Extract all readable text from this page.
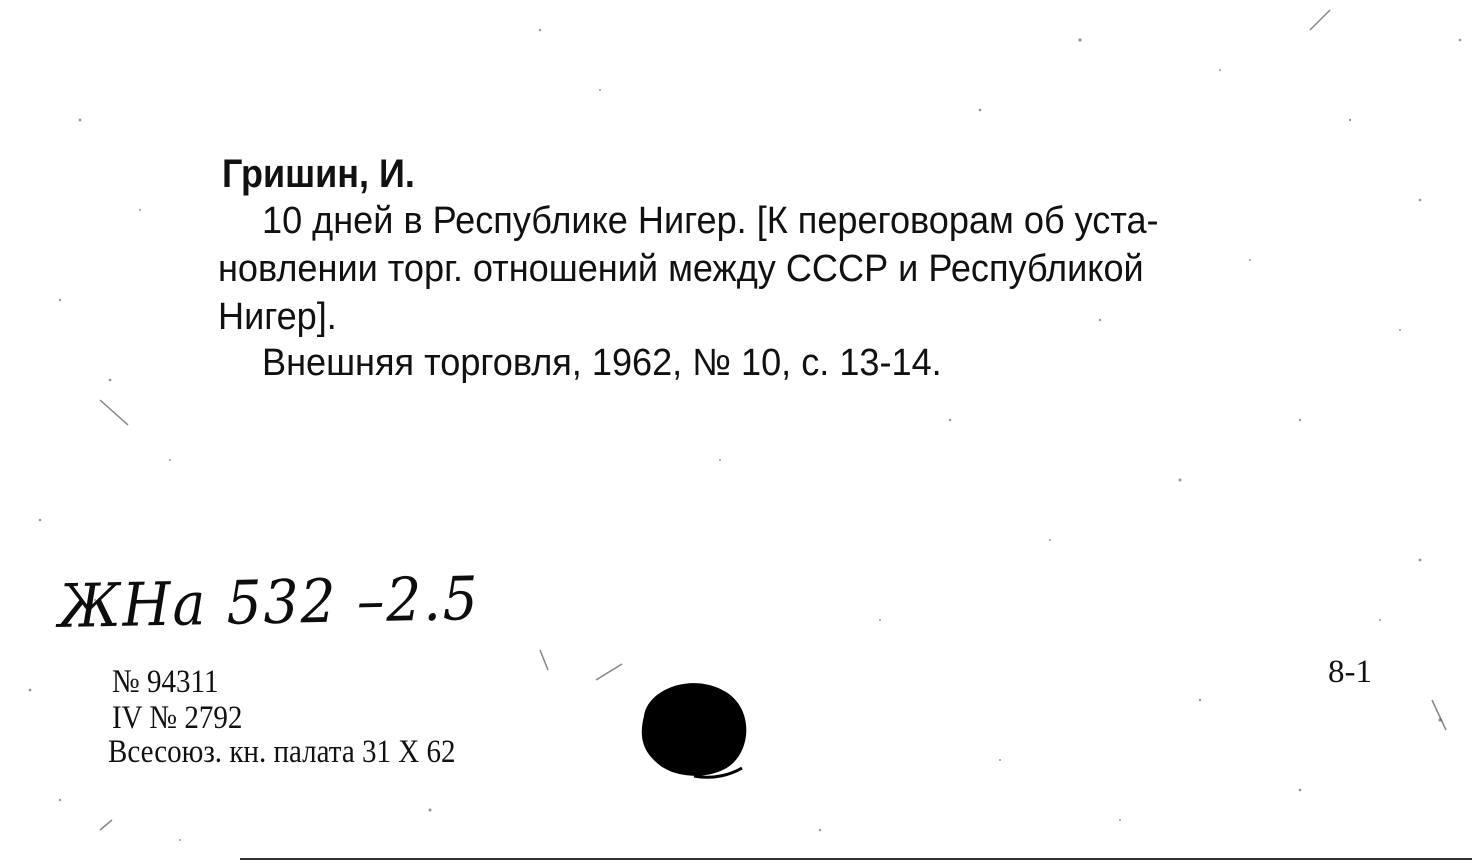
Гришин, И.
10 дней в Республике Нигер. [К переговорам об уста-
новлении торг. отношений между СССР и Республикой
Нигер].
Внешняя торговля, 1962, № 10, с. 13-14.
ЖНа 532 –2.5
№ 94311
IV № 2792
Всесоюз. кн. палата 31 X 62
8-1
